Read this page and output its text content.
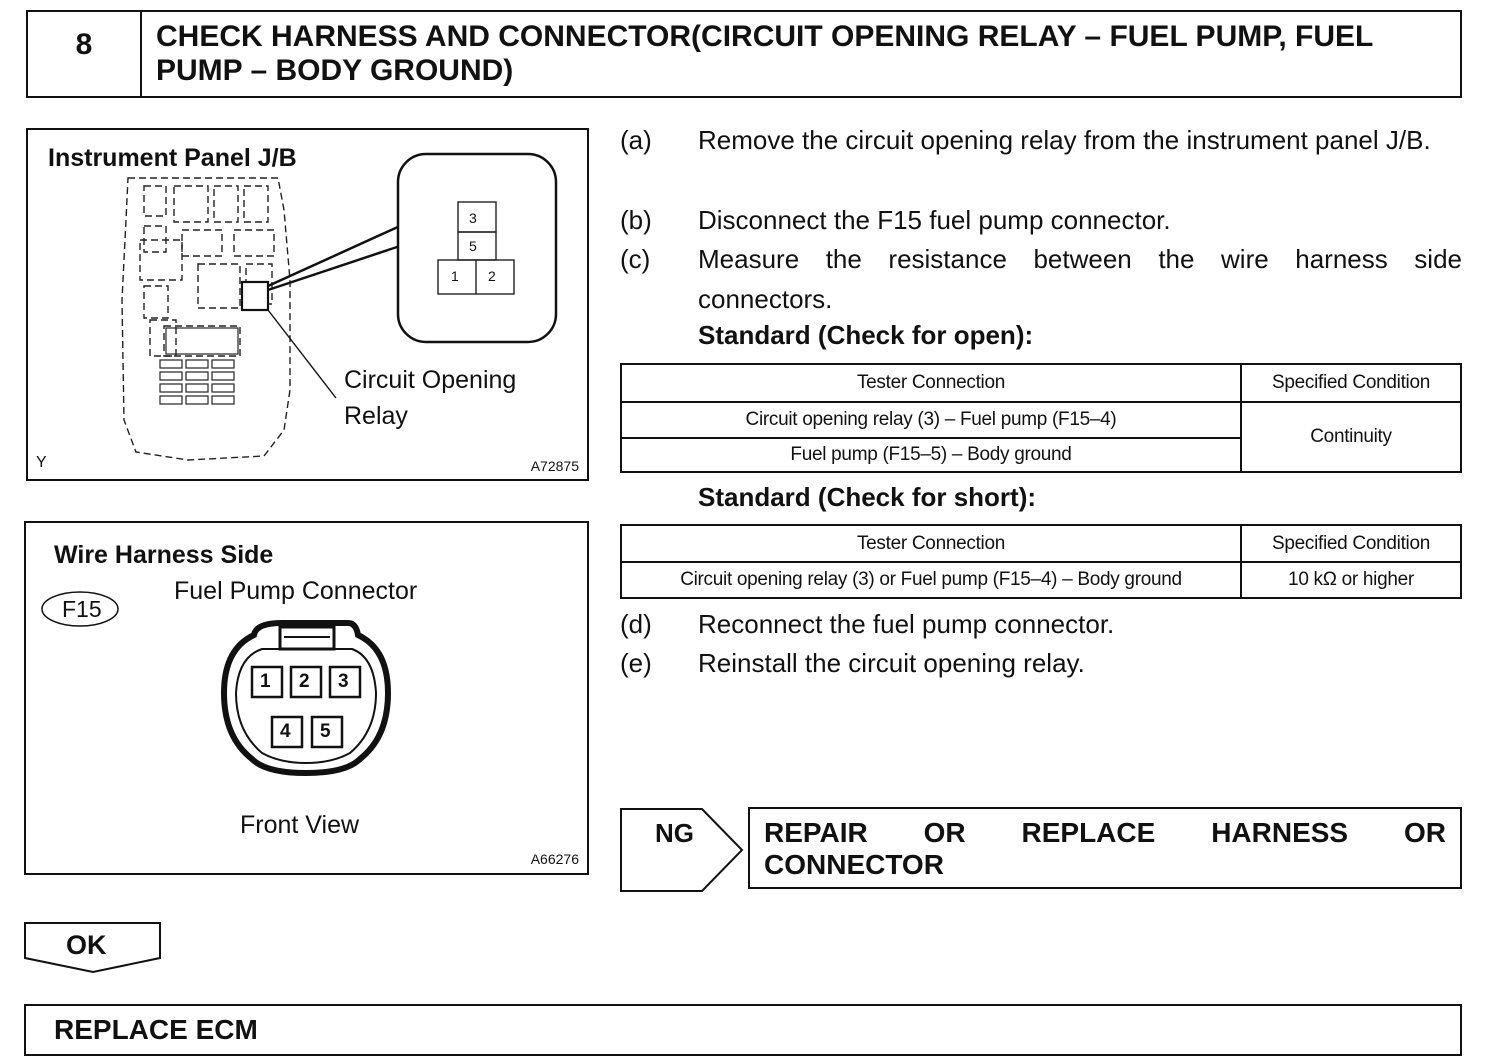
8	CHECK HARNESS AND CONNECTOR(CIRCUIT OPENING RELAY – FUEL PUMP, FUEL PUMP – BODY GROUND)
Instrument Panel J/B
3
5
1 2
Circuit Opening
Relay
Y	A72875
Wire Harness Side
Fuel Pump Connector
F15
1 2 3
4 5
Front View
A66276
(a) Remove the circuit opening relay from the instrument panel J/B.
(b) Disconnect the F15 fuel pump connector.
(c) Measure the resistance between the wire harness side connectors.
Standard (Check for open):
Tester Connection	Specified Condition
Circuit opening relay (3) – Fuel pump (F15–4)	Continuity
Fuel pump (F15–5) – Body ground	
Standard (Check for short):
Tester Connection	Specified Condition
Circuit opening relay (3) or Fuel pump (F15–4) – Body ground	10 kΩ or higher
(d) Reconnect the fuel pump connector.
(e) Reinstall the circuit opening relay.
NG	REPAIR OR REPLACE HARNESS OR
CONNECTOR
OK
REPLACE ECM
